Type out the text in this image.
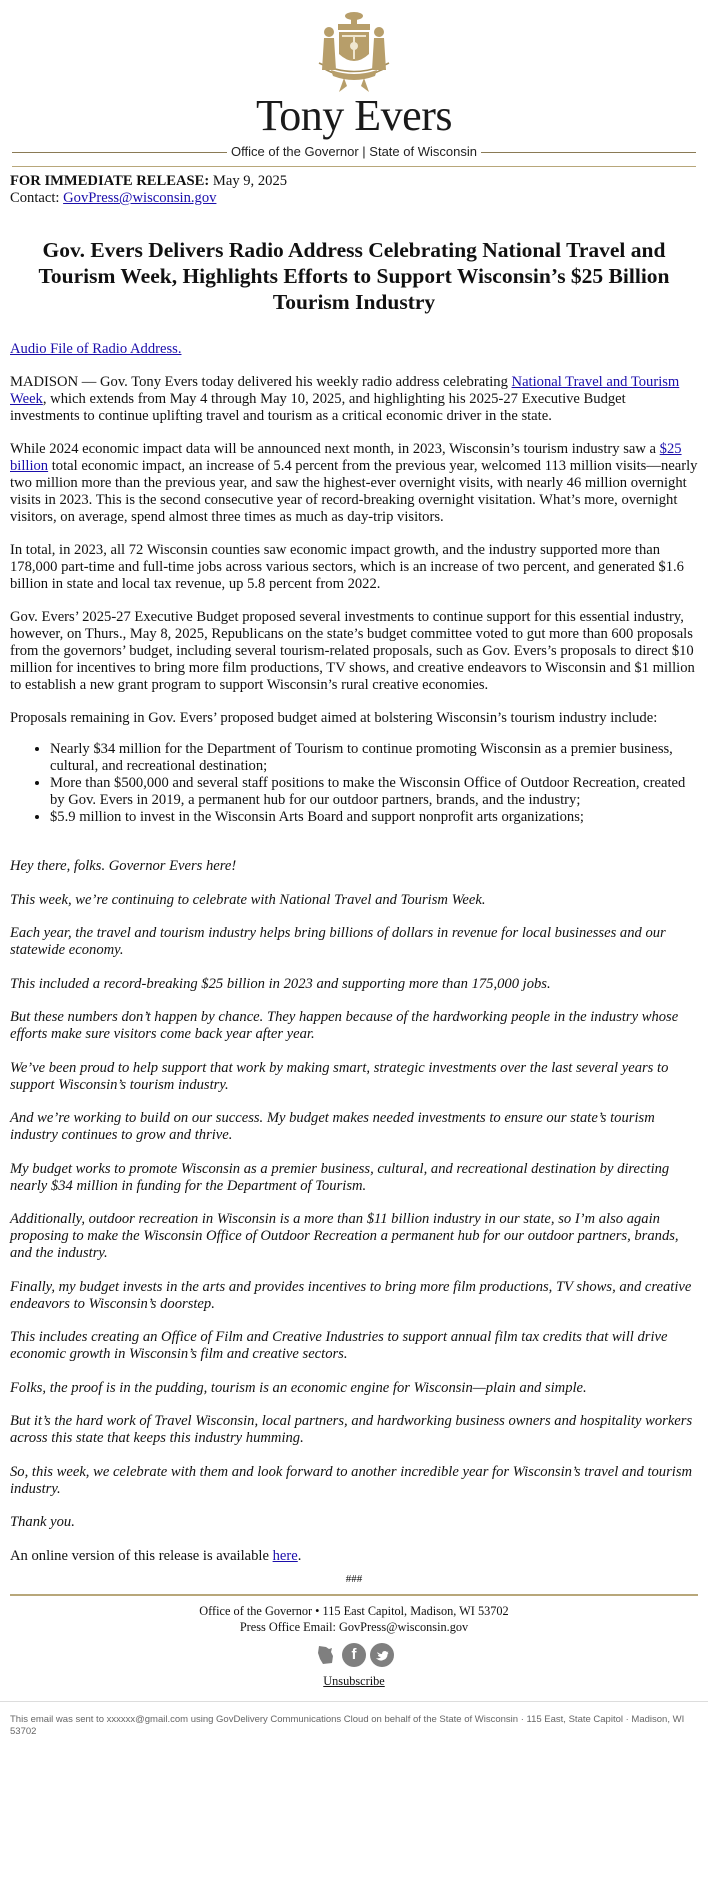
Tony Evers
Office of the Governor | State of Wisconsin
FOR IMMEDIATE RELEASE: May 9, 2025
Contact: GovPress@wisconsin.gov
Gov. Evers Delivers Radio Address Celebrating National Travel and Tourism Week, Highlights Efforts to Support Wisconsin’s $25 Billion Tourism Industry

Audio File of Radio Address.

MADISON — Gov. Tony Evers today delivered his weekly radio address celebrating National Travel and Tourism Week, which extends from May 4 through May 10, 2025, and highlighting his 2025-27 Executive Budget investments to continue uplifting travel and tourism as a critical economic driver in the state.

While 2024 economic impact data will be announced next month, in 2023, Wisconsin’s tourism industry saw a $25 billion total economic impact, an increase of 5.4 percent from the previous year, welcomed 113 million visits—nearly two million more than the previous year, and saw the highest-ever overnight visits, with nearly 46 million overnight visits in 2023. This is the second consecutive year of record-breaking overnight visitation. What’s more, overnight visitors, on average, spend almost three times as much as day-trip visitors.

In total, in 2023, all 72 Wisconsin counties saw economic impact growth, and the industry supported more than 178,000 part-time and full-time jobs across various sectors, which is an increase of two percent, and generated $1.6 billion in state and local tax revenue, up 5.8 percent from 2022.

Gov. Evers’ 2025-27 Executive Budget proposed several investments to continue support for this essential industry, however, on Thurs., May 8, 2025, Republicans on the state’s budget committee voted to gut more than 600 proposals from the governors’ budget, including several tourism-related proposals, such as Gov. Evers’s proposals to direct $10 million for incentives to bring more film productions, TV shows, and creative endeavors to Wisconsin and $1 million to establish a new grant program to support Wisconsin’s rural creative economies.

Proposals remaining in Gov. Evers’ proposed budget aimed at bolstering Wisconsin’s tourism industry include:

• Nearly $34 million for the Department of Tourism to continue promoting Wisconsin as a premier business, cultural, and recreational destination;
• More than $500,000 and several staff positions to make the Wisconsin Office of Outdoor Recreation, created by Gov. Evers in 2019, a permanent hub for our outdoor partners, brands, and the industry;
• $5.9 million to invest in the Wisconsin Arts Board and support nonprofit arts organizations;

Hey there, folks. Governor Evers here!

This week, we’re continuing to celebrate with National Travel and Tourism Week.

Each year, the travel and tourism industry helps bring billions of dollars in revenue for local businesses and our statewide economy.

This included a record-breaking $25 billion in 2023 and supporting more than 175,000 jobs.

But these numbers don’t happen by chance. They happen because of the hardworking people in the industry whose efforts make sure visitors come back year after year.

We’ve been proud to help support that work by making smart, strategic investments over the last several years to support Wisconsin’s tourism industry.

And we’re working to build on our success. My budget makes needed investments to ensure our state’s tourism industry continues to grow and thrive.

My budget works to promote Wisconsin as a premier business, cultural, and recreational destination by directing nearly $34 million in funding for the Department of Tourism.

Additionally, outdoor recreation in Wisconsin is a more than $11 billion industry in our state, so I’m also again proposing to make the Wisconsin Office of Outdoor Recreation a permanent hub for our outdoor partners, brands, and the industry.

Finally, my budget invests in the arts and provides incentives to bring more film productions, TV shows, and creative endeavors to Wisconsin’s doorstep.

This includes creating an Office of Film and Creative Industries to support annual film tax credits that will drive economic growth in Wisconsin’s film and creative sectors.

Folks, the proof is in the pudding, tourism is an economic engine for Wisconsin—plain and simple.

But it’s the hard work of Travel Wisconsin, local partners, and hardworking business owners and hospitality workers across this state that keeps this industry humming.

So, this week, we celebrate with them and look forward to another incredible year for Wisconsin’s travel and tourism industry.

Thank you.

An online version of this release is available here.

###
Office of the Governor • 115 East Capitol, Madison, WI 53702
Press Office Email: GovPress@wisconsin.gov
f
Unsubscribe
This email was sent to xxxxxx@gmail.com using GovDelivery Communications Cloud on behalf of the State of Wisconsin · 115 East, State Capitol · Madison, WI 53702
